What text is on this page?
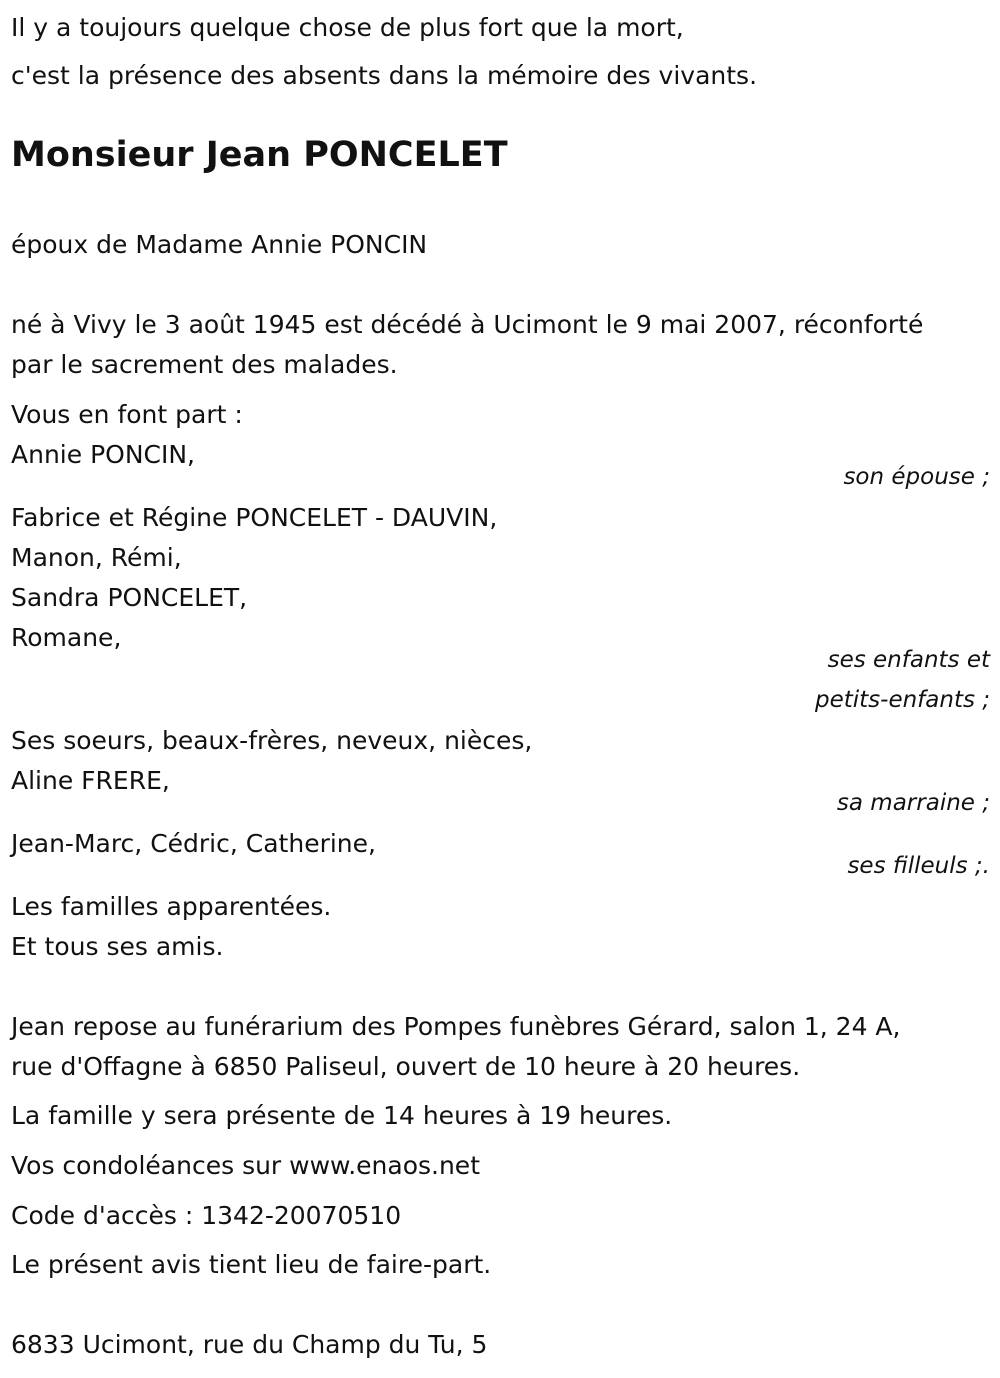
Il y a toujours quelque chose de plus fort que la mort,
c'est la présence des absents dans la mémoire des vivants.
Monsieur Jean PONCELET
époux de Madame Annie PONCIN
né à Vivy le 3 août 1945 est décédé à Ucimont le 9 mai 2007, réconforté
par le sacrement des malades.
Vous en font part :
Annie PONCIN,
son épouse ;
Fabrice et Régine PONCELET - DAUVIN,
Manon, Rémi,
Sandra PONCELET,
Romane,
ses enfants et
petits-enfants ;
Ses soeurs, beaux-frères, neveux, nièces,
Aline FRERE,
sa marraine ;
Jean-Marc, Cédric, Catherine,
ses filleuls ;.
Les familles apparentées.
Et tous ses amis.
Jean repose au funérarium des Pompes funèbres Gérard, salon 1, 24 A,
rue d'Offagne à 6850 Paliseul, ouvert de 10 heure à 20 heures.
La famille y sera présente de 14 heures à 19 heures.
Vos condoléances sur www.enaos.net
Code d'accès : 1342-20070510
Le présent avis tient lieu de faire-part.
6833 Ucimont, rue du Champ du Tu, 5
